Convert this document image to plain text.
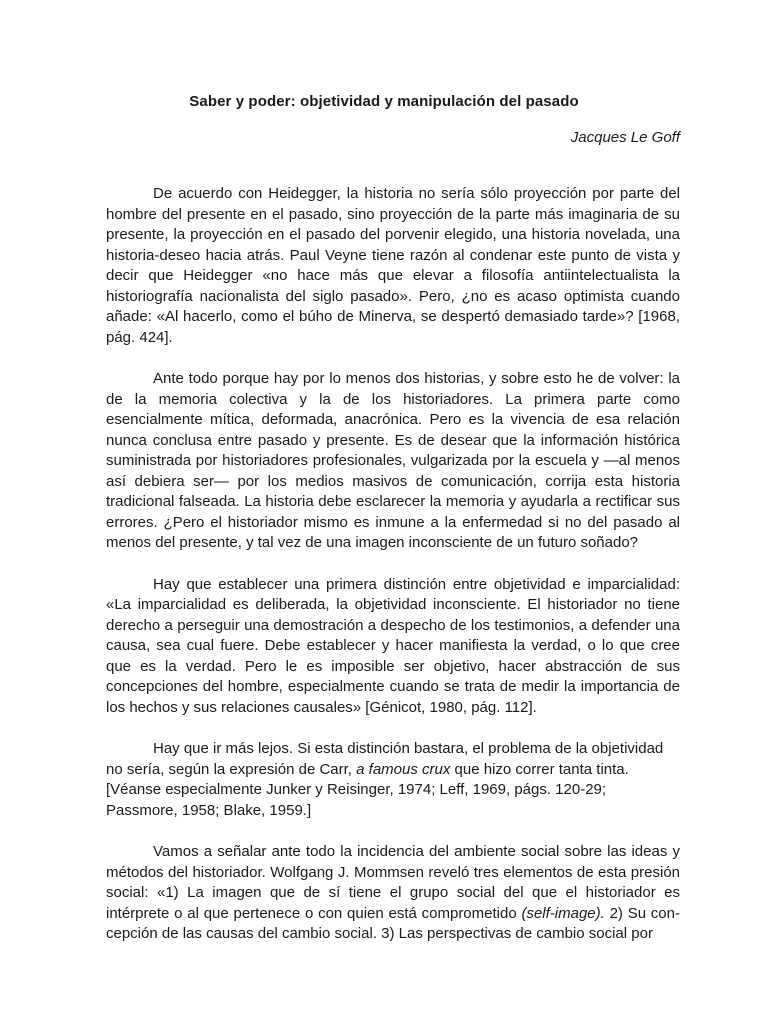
Saber y poder: objetividad y manipulación del pasado

Jacques Le Goff

De acuerdo con Heidegger, la historia no sería sólo proyección por parte del hombre del presente en el pasado, sino proyección de la parte más imaginaria de su presente, la proyección en el pasado del porvenir elegido, una historia novelada, una historia-deseo hacia atrás. Paul Veyne tiene razón al condenar este punto de vista y decir que Heidegger «no hace más que elevar a filosofía antiintelectualista la historiografía nacionalista del siglo pasado». Pero, ¿no es acaso optimista cuando añade: «Al hacerlo, como el búho de Minerva, se despertó demasiado tarde»? [1968, pág. 424].

Ante todo porque hay por lo menos dos historias, y sobre esto he de volver: la de la memoria colectiva y la de los historiadores. La primera parte como esencialmente mítica, deformada, anacrónica. Pero es la vivencia de esa relación nunca conclusa entre pasado y presente. Es de desear que la información histórica suministrada por historiadores profesionales, vulgarizada por la escuela y —al menos así debiera ser— por los medios masivos de comunicación, corrija esta historia tradicional falseada. La historia debe esclarecer la memoria y ayudarla a rectificar sus errores. ¿Pero el historiador mismo es inmune a la enfermedad si no del pasado al menos del presente, y tal vez de una imagen inconsciente de un futuro soñado?

Hay que establecer una primera distinción entre objetividad e imparcialidad: «La imparcialidad es deliberada, la objetividad inconsciente. El historiador no tiene derecho a perseguir una demostración a despecho de los testimonios, a defender una causa, sea cual fuere. Debe establecer y hacer manifiesta la verdad, o lo que cree que es la verdad. Pero le es imposible ser objetivo, hacer abstracción de sus concepciones del hombre, especialmente cuando se trata de medir la importancia de los hechos y sus relaciones causales» [Génicot, 1980, pág. 112].

Hay que ir más lejos. Si esta distinción bastara, el problema de la objetividad no sería, según la expresión de Carr, a famous crux que hizo correr tanta tinta. [Véanse especialmente Junker y Reisinger, 1974; Leff, 1969, págs. 120-29; Passmore, 1958; Blake, 1959.]

Vamos a señalar ante todo la incidencia del ambiente social sobre las ideas y métodos del historiador. Wolfgang J. Mommsen reveló tres elementos de esta presión social: «1) La imagen que de sí tiene el grupo social del que el historiador es intérprete o al que pertenece o con quien está comprometido (self-image). 2) Su con-cepción de las causas del cambio social. 3) Las perspectivas de cambio social por
